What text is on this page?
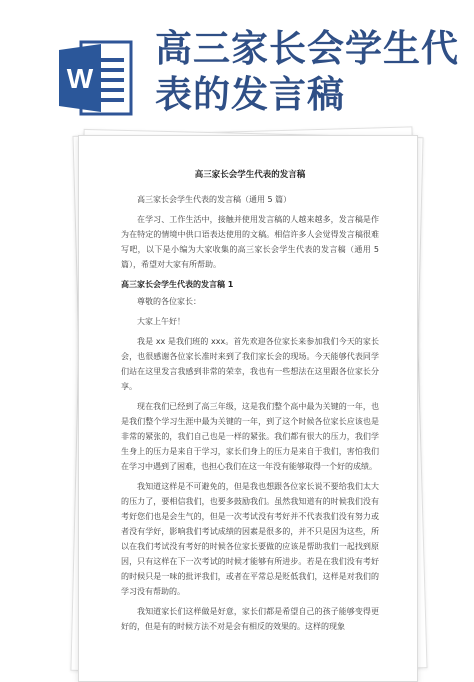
W
高三家长会学生代
表的发言稿
高三家长会学生代表的发言稿

高三家长会学生代表的发言稿（通用 5 篇）

在学习、工作生活中，接触并使用发言稿的人越来越多，发言稿是作为在特定的情境中供口语表达使用的文稿。相信许多人会觉得发言稿很难写吧，以下是小编为大家收集的高三家长会学生代表的发言稿（通用 5 篇），希望对大家有所帮助。

高三家长会学生代表的发言稿 1

尊敬的各位家长：

大家上午好！

我是 xx 是我们班的 xxx。首先欢迎各位家长来参加我们今天的家长会，也很感谢各位家长准时来到了我们家长会的现场。今天能够代表同学们站在这里发言我感到非常的荣幸，我也有一些想法在这里跟各位家长分享。

现在我们已经到了高三年级，这是我们整个高中最为关键的一年，也是我们整个学习生涯中最为关键的一年，到了这个时候各位家长应该也是非常的紧张的，我们自己也是一样的紧张。我们都有很大的压力，我们学生身上的压力是来自于学习，家长们身上的压力是来自于我们，害怕我们在学习中遇到了困难，也担心我们在这一年没有能够取得一个好的成绩。

我知道这样是不可避免的，但是我也想跟各位家长说不要给我们太大的压力了，要相信我们，也要多鼓励我们。虽然我知道有的时候我们没有考好您们也是会生气的，但是一次考试没有考好并不代表我们没有努力或者没有学好，影响我们考试成绩的因素是很多的，并不只是因为这些，所以在我们考试没有考好的时候各位家长要做的应该是帮助我们一起找到原因，只有这样在下一次考试的时候才能够有所进步。若是在我们没有考好的时候只是一味的批评我们，或者在平常总是贬低我们，这样是对我们的学习没有帮助的。

我知道家长们这样做是好意，家长们都是希望自己的孩子能够变得更好的，但是有的时候方法不对是会有相反的效果的。这样的现象
